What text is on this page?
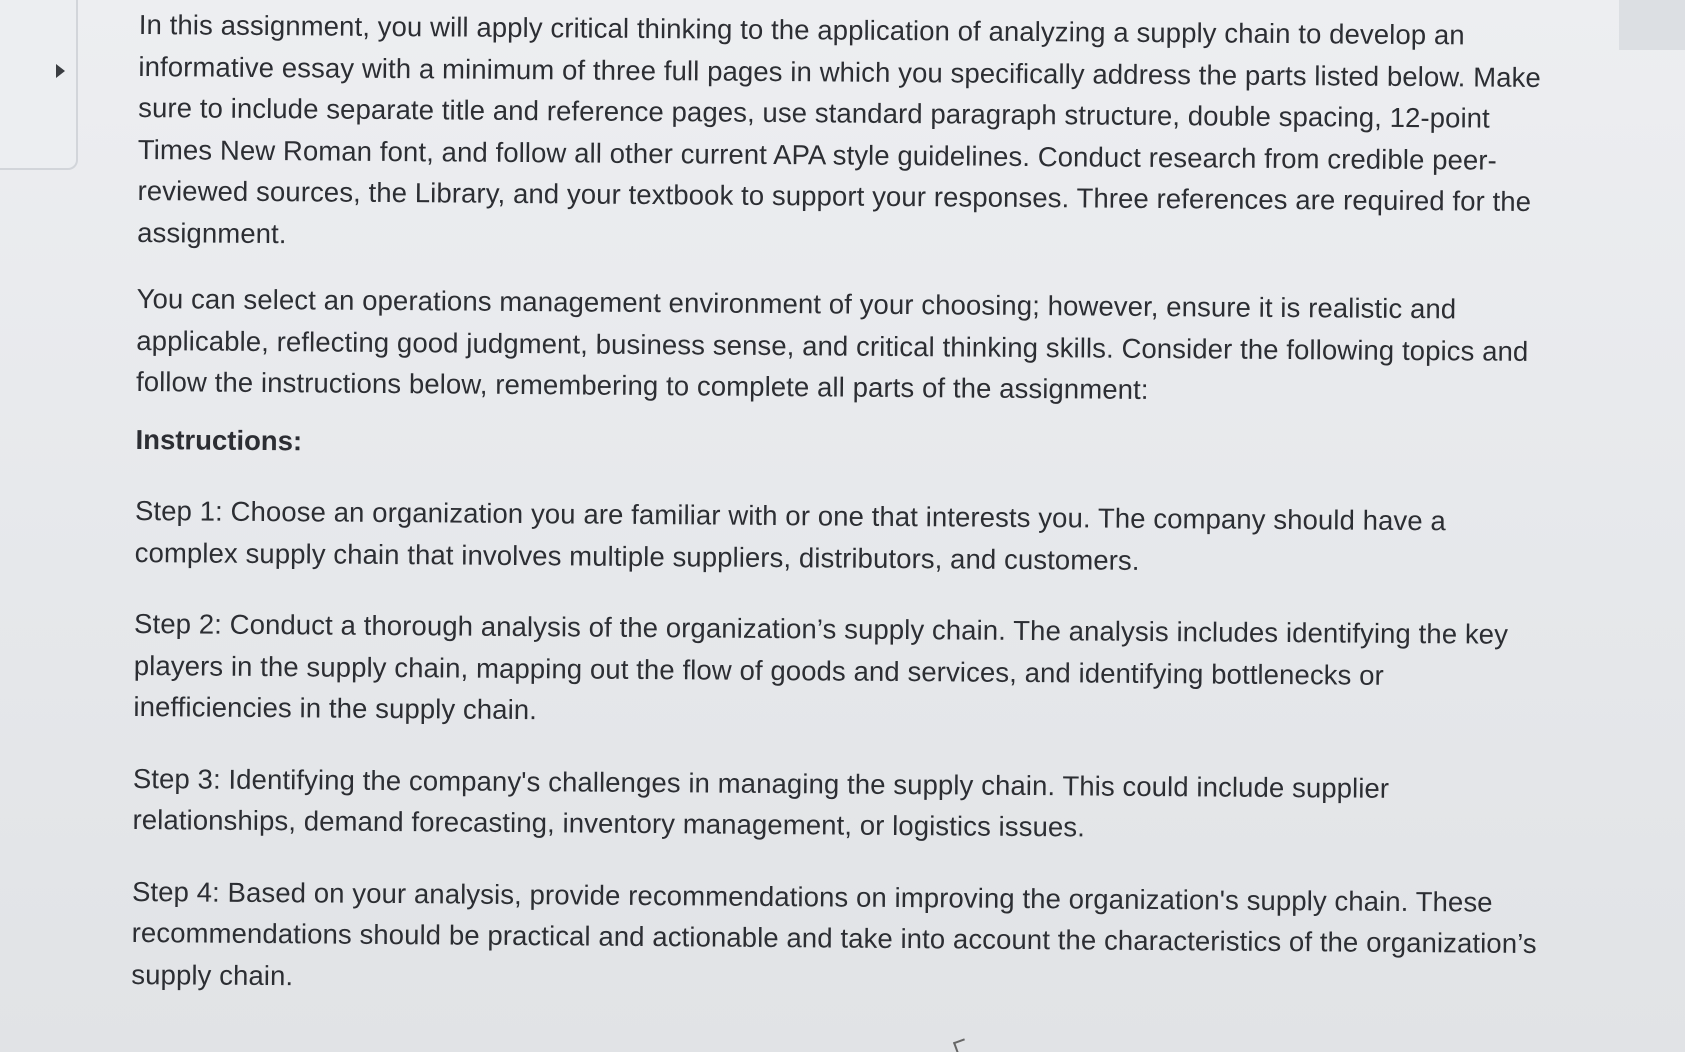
In this assignment, you will apply critical thinking to the application of analyzing a supply chain to develop an informative essay with a minimum of three full pages in which you specifically address the parts listed below. Make sure to include separate title and reference pages, use standard paragraph structure, double spacing, 12-point Times New Roman font, and follow all other current APA style guidelines. Conduct research from credible peer-reviewed sources, the Library, and your textbook to support your responses. Three references are required for the assignment.

You can select an operations management environment of your choosing; however, ensure it is realistic and applicable, reflecting good judgment, business sense, and critical thinking skills. Consider the following topics and follow the instructions below, remembering to complete all parts of the assignment:

Instructions:

Step 1: Choose an organization you are familiar with or one that interests you. The company should have a complex supply chain that involves multiple suppliers, distributors, and customers.

Step 2: Conduct a thorough analysis of the organization’s supply chain. The analysis includes identifying the key players in the supply chain, mapping out the flow of goods and services, and identifying bottlenecks or inefficiencies in the supply chain.

Step 3: Identifying the company's challenges in managing the supply chain. This could include supplier relationships, demand forecasting, inventory management, or logistics issues.

Step 4: Based on your analysis, provide recommendations on improving the organization's supply chain. These recommendations should be practical and actionable and take into account the characteristics of the organization’s supply chain.
